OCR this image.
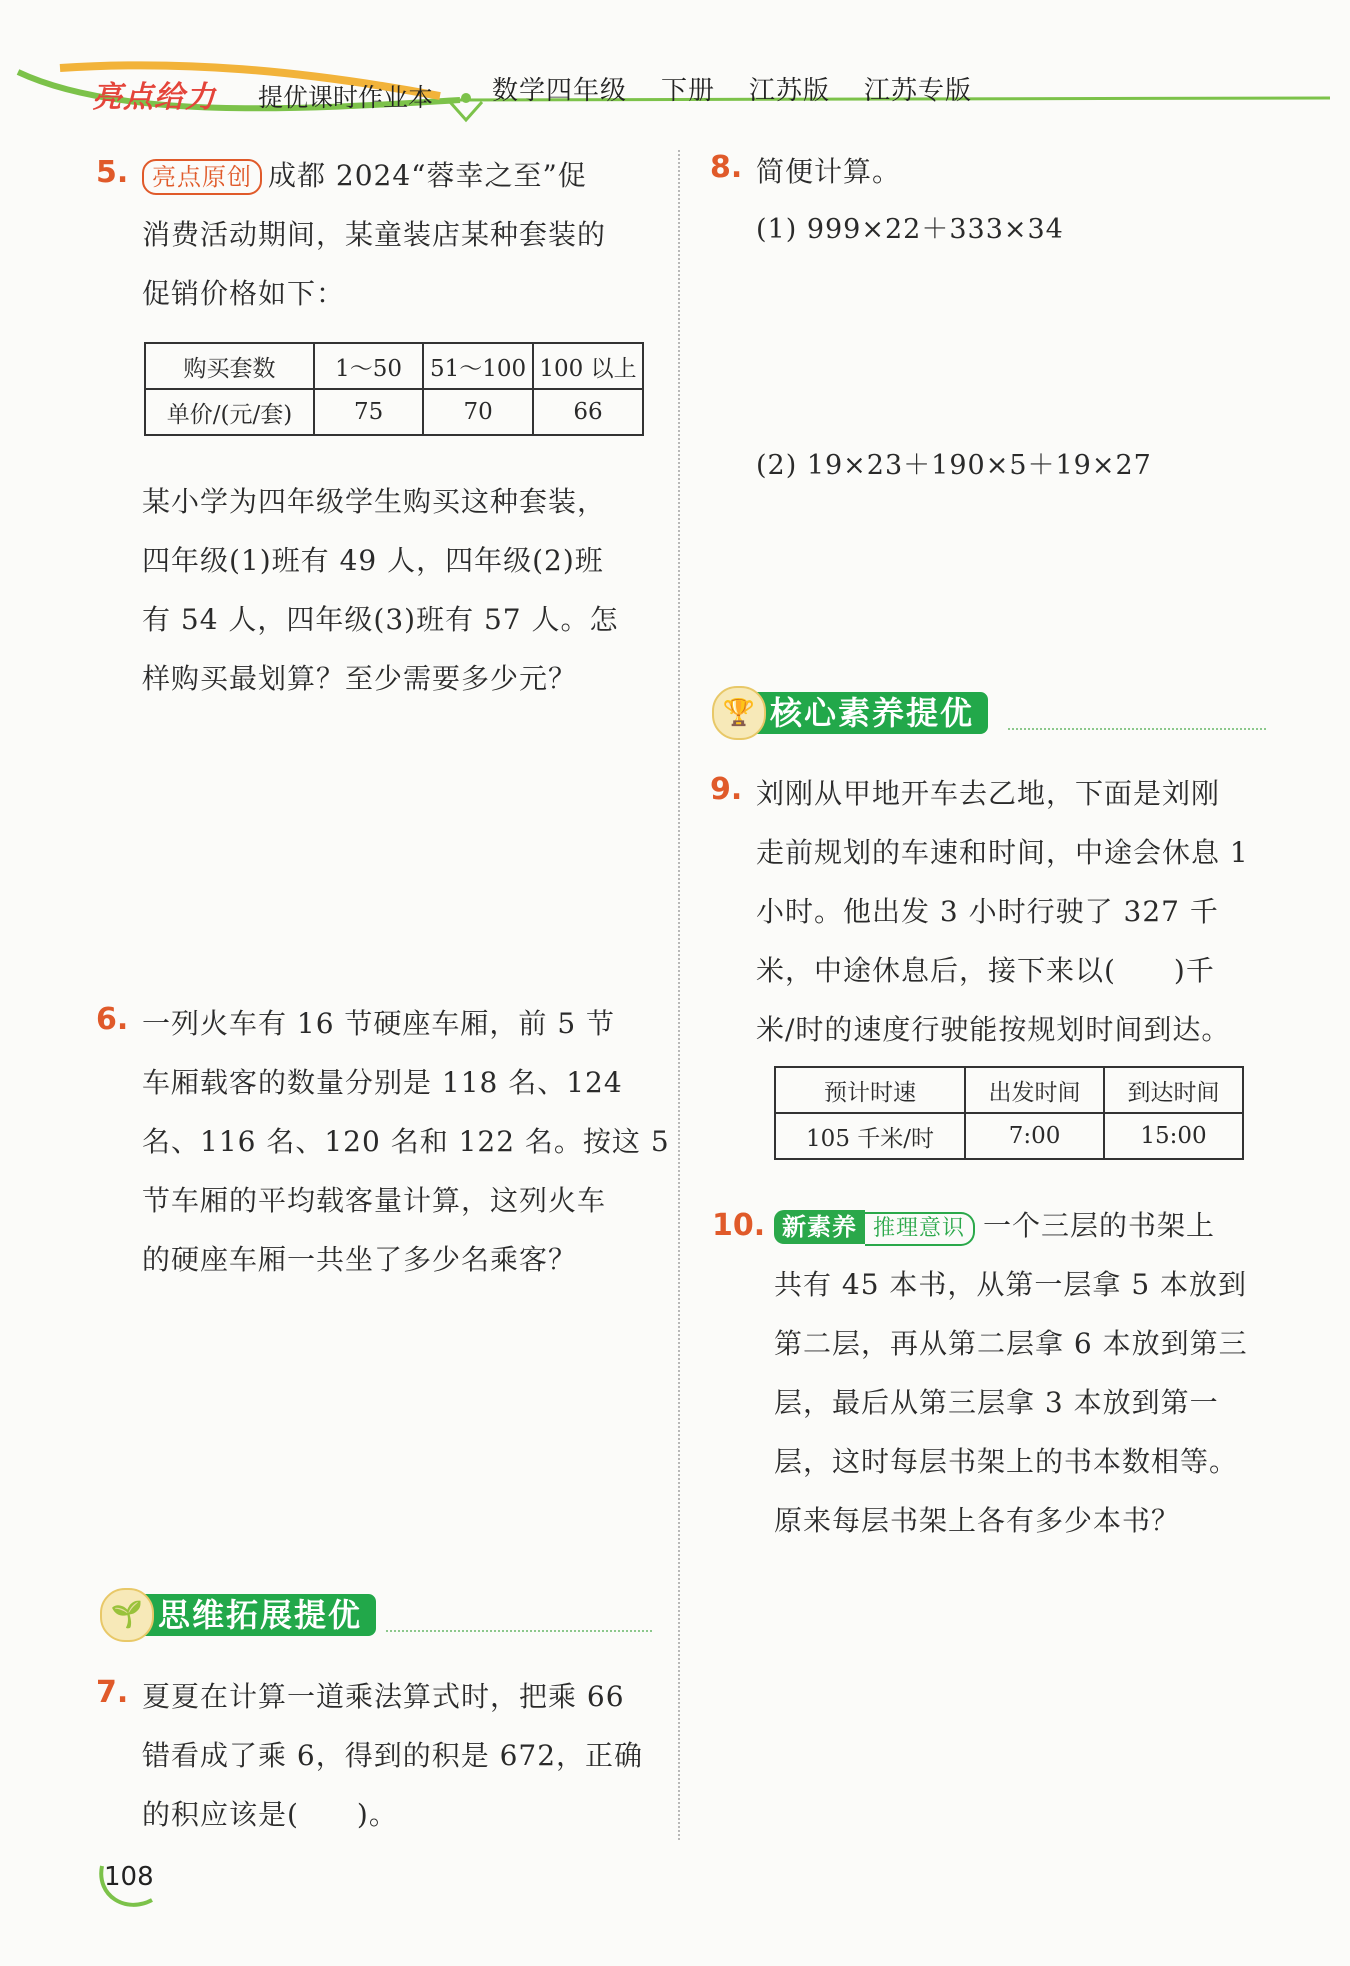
亮点给力 提优课时作业本 数学四年级 下册 江苏版 江苏专版
5. 亮点原创 成都 2024“蓉幸之至”促
消费活动期间，某童装店某种套装的
促销价格如下：
购买套数	1～50	51～100	100 以上
单价/(元/套)	75	70	66
某小学为四年级学生购买这种套装，
四年级(1)班有 49 人，四年级(2)班
有 54 人，四年级(3)班有 57 人。怎
样购买最划算？至少需要多少元？
6. 一列火车有 16 节硬座车厢，前 5 节
车厢载客的数量分别是 118 名、124
名、116 名、120 名和 122 名。按这 5
节车厢的平均载客量计算，这列火车
的硬座车厢一共坐了多少名乘客？
思维拓展提优
🌱
7. 夏夏在计算一道乘法算式时，把乘 66
错看成了乘 6，得到的积是 672，正确
的积应该是(　　)。
8. 简便计算。
(1) 999×22＋333×34
(2) 19×23＋190×5＋19×27
核心素养提优
🏆
9. 刘刚从甲地开车去乙地，下面是刘刚
走前规划的车速和时间，中途会休息 1
小时。他出发 3 小时行驶了 327 千
米，中途休息后，接下来以(　　)千
米/时的速度行驶能按规划时间到达。
预计时速	出发时间	到达时间
105 千米/时	7:00	15:00
10. 新素养 推理意识 一个三层的书架上
共有 45 本书，从第一层拿 5 本放到
第二层，再从第二层拿 6 本放到第三
层，最后从第三层拿 3 本放到第一
层，这时每层书架上的书本数相等。
原来每层书架上各有多少本书？
108
